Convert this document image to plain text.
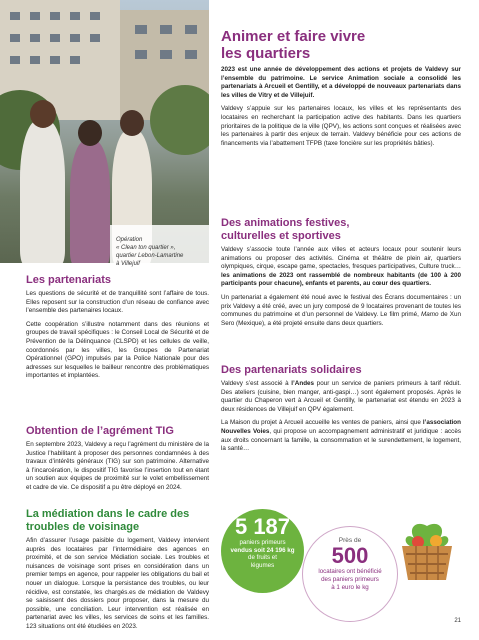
Opération
« Clean ton quartier »,
quartier Lebon-Lamartine
à Villejuif
Animer et faire vivre
les quartiers

2023 est une année de développement des actions et projets de Valdevy sur l’ensemble du patrimoine. Le service Animation sociale a consolidé les partenariats à Arcueil et Gentilly, et a développé de nouveaux partenariats dans les villes de Vitry et de Villejuif.

Valdevy s’appuie sur les partenaires locaux, les villes et les représentants des locataires en recherchant la participation active des habitants. Dans les quartiers prioritaires de la politique de la ville (QPV), les actions sont conçues et réalisées avec les partenaires à partir des enjeux de terrain. Valdevy bénéficie pour ces actions de financements via l’abattement TFPB (taxe foncière sur les propriétés bâties).

Des animations festives,
culturelles et sportives

Valdevy s’associe toute l’année aux villes et acteurs locaux pour soutenir leurs animations ou proposer des activités. Cinéma et théâtre de plein air, quartiers olympiques, cirque, escape game, spectacles, fresques participatives, Culture truck… les animations de 2023 ont rassemblé de nombreux habitants (de 100 à 200 participants pour chacune), enfants et parents, au cœur des quartiers.

Un partenariat a également été noué avec le festival des Écrans documentaires : un prix Valdevy a été créé, avec un jury composé de 9 locataires provenant de toutes les communes du patrimoine et d’un personnel de Valdevy. Le film primé, Mamo de Xun Sero (Mexique), a été projeté ensuite dans deux quartiers.

Des partenariats solidaires

Valdevy s’est associé à l’Andes pour un service de paniers primeurs à tarif réduit. Des ateliers (cuisine, bien manger, anti-gaspi…) sont également proposés. Après le quartier du Chaperon vert à Arcueil et Gentilly, le partenariat est étendu en 2023 à deux résidences de Villejuif en QPV également.

La Maison du projet à Arcueil accueille les ventes de paniers, ainsi que l’association Nouvelles Voies, qui propose un accompagnement administratif et juridique : accès aux droits concernant la famille, la consommation et le surendettement, le logement, la santé…

Les partenariats

Les questions de sécurité et de tranquillité sont l’affaire de tous. Elles reposent sur la construction d’un réseau de confiance avec l’ensemble des partenaires locaux.

Cette coopération s’illustre notamment dans des réunions et groupes de travail spécifiques : le Conseil Local de Sécurité et de Prévention de la Délinquance (CLSPD) et les cellules de veille, coordonnés par les villes, les Groupes de Partenariat Opérationnel (GPO) impulsés par la Police Nationale pour des adresses sur lesquelles le bailleur rencontre des problématiques importantes et implantées.

Obtention de l’agrément TIG

En septembre 2023, Valdevy a reçu l’agrément du ministère de la Justice l’habilitant à proposer des personnes condamnées à des travaux d’intérêts généraux (TIG) sur son patrimoine. Alternative à l’incarcération, le dispositif TIG favorise l’insertion tout en étant un soutien aux équipes de proximité sur le volet embellissement et cadre de vie. Ce dispositif a pu être déployé en 2024.

La médiation dans le cadre des
troubles de voisinage

Afin d’assurer l’usage paisible du logement, Valdevy intervient auprès des locataires par l’intermédiaire des agences en proximité, et de son service Médiation sociale. Les troubles et nuisances de voisinage sont prises en considération dans un premier temps en agence, pour rappeler les obligations du bail et nouer un dialogue. Lorsque la persistance des troubles, ou leur récidive, est constatée, les chargés.es de médiation de Valdevy se saisissent des dossiers pour proposer, dans la mesure du possible, une conciliation. Leur intervention est réalisée en partenariat avec les villes, les services de soins et les familles. 123 situations ont été étudiées en 2023.

5 187
paniers primeurs
vendus soit 24 196 kg
de fruits et
légumes
Près de
500
locataires ont bénéficié
des paniers primeurs
à 1 euro le kg
21
